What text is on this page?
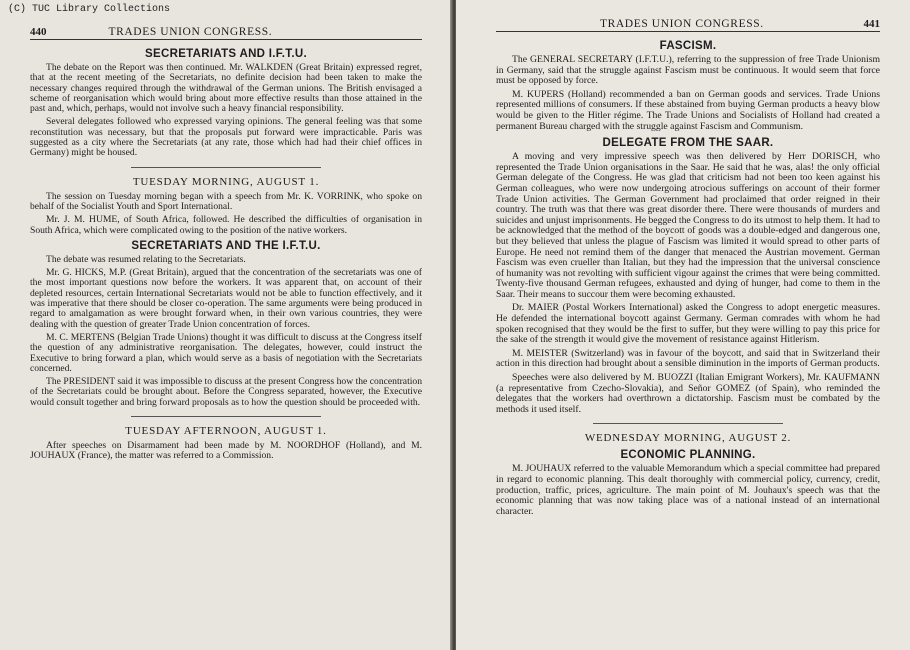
(C) TUC Library Collections
440	TRADES UNION CONGRESS.
SECRETARIATS AND I.F.T.U.

The debate on the Report was then continued. Mr. WALKDEN (Great Britain) expressed regret, that at the recent meeting of the Secretariats, no definite decision had been taken to make the necessary changes required through the withdrawal of the German unions. The British envisaged a scheme of reorganisation which would bring about more effective results than those attained in the past and, which, perhaps, would not involve such a heavy financial responsibility.

Several delegates followed who expressed varying opinions. The general feeling was that some reconstitution was necessary, but that the proposals put forward were impracticable. Paris was suggested as a city where the Secretariats (at any rate, those which had had their chief offices in Germany) might be housed.

TUESDAY MORNING, AUGUST 1.

The session on Tuesday morning began with a speech from Mr. K. VORRINK, who spoke on behalf of the Socialist Youth and Sport International.

Mr. J. M. HUME, of South Africa, followed. He described the difficulties of organisation in South Africa, which were complicated owing to the position of the native workers.

SECRETARIATS AND THE I.F.T.U.

The debate was resumed relating to the Secretariats.

Mr. G. HICKS, M.P. (Great Britain), argued that the concentration of the secretariats was one of the most important questions now before the workers. It was apparent that, on account of their depleted resources, certain International Secretariats would not be able to function effectively, and it was imperative that there should be closer co-operation. The same arguments were being produced in regard to amalgamation as were brought forward when, in their own various countries, they were dealing with the question of greater Trade Union concentration of forces.

M. C. MERTENS (Belgian Trade Unions) thought it was difficult to discuss at the Congress itself the question of any administrative reorganisation. The delegates, however, could instruct the Executive to bring forward a plan, which would serve as a basis of negotiation with the Secretariats concerned.

The PRESIDENT said it was impossible to discuss at the present Congress how the concentration of the Secretariats could be brought about. Before the Congress separated, however, the Executive would consult together and bring forward proposals as to how the question should be proceeded with.

TUESDAY AFTERNOON, AUGUST 1.

After speeches on Disarmament had been made by M. NOORDHOF (Holland), and M. JOUHAUX (France), the matter was referred to a Commission.

TRADES UNION CONGRESS.	441
FASCISM.

The GENERAL SECRETARY (I.F.T.U.), referring to the suppression of free Trade Unionism in Germany, said that the struggle against Fascism must be continuous. It would seem that force must be opposed by force.

M. KUPERS (Holland) recommended a ban on German goods and services. Trade Unions represented millions of consumers. If these abstained from buying German products a heavy blow would be given to the Hitler régime. The Trade Unions and Socialists of Holland had created a permanent Bureau charged with the struggle against Fascism and Communism.

DELEGATE FROM THE SAAR.

A moving and very impressive speech was then delivered by Herr DORISCH, who represented the Trade Union organisations in the Saar. He said that he was, alas! the only official German delegate of the Congress. He was glad that criticism had not been too keen against his German colleagues, who were now undergoing atrocious sufferings on account of their former Trade Union activities. The German Government had proclaimed that order reigned in their country. The truth was that there was great disorder there. There were thousands of murders and suicides and unjust imprisonments. He begged the Congress to do its utmost to help them. It had to be acknowledged that the method of the boycott of goods was a double-edged and dangerous one, but they believed that unless the plague of Fascism was limited it would spread to other parts of Europe. He need not remind them of the danger that menaced the Austrian movement. German Fascism was even crueller than Italian, but they had the impression that the universal conscience of humanity was not revolting with sufficient vigour against the crimes that were being committed. Twenty-five thousand German refugees, exhausted and dying of hunger, had come to them in the Saar. Their means to succour them were becoming exhausted.

Dr. MAIER (Postal Workers International) asked the Congress to adopt energetic measures. He defended the international boycott against Germany. German comrades with whom he had spoken recognised that they would be the first to suffer, but they were willing to pay this price for the sake of the strength it would give the movement of resistance against Hitlerism.

M. MEISTER (Switzerland) was in favour of the boycott, and said that in Switzerland their action in this direction had brought about a sensible diminution in the imports of German products.

Speeches were also delivered by M. BUOZZI (Italian Emigrant Workers), Mr. KAUFMANN (a representative from Czecho-Slovakia), and Señor GOMEZ (of Spain), who reminded the delegates that the workers had overthrown a dictatorship. Fascism must be combated by the methods it used itself.

WEDNESDAY MORNING, AUGUST 2.
ECONOMIC PLANNING.

M. JOUHAUX referred to the valuable Memorandum which a special committee had prepared in regard to economic planning. This dealt thoroughly with commercial policy, currency, credit, production, traffic, prices, agriculture. The main point of M. Jouhaux's speech was that the economic planning that was now taking place was of a national instead of an international character.
